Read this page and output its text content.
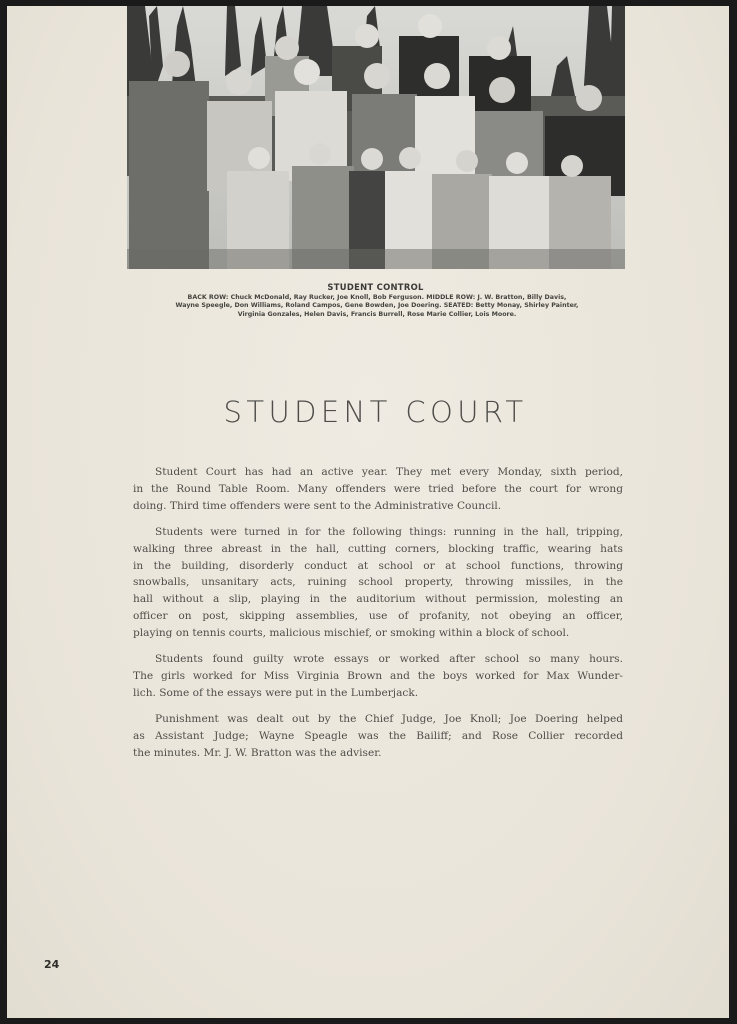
STUDENT CONTROL
BACK ROW: Chuck McDonald, Ray Rucker, Joe Knoll, Bob Ferguson. MIDDLE ROW: J. W. Bratton, Billy Davis,
Wayne Speegle, Don Williams, Roland Campos, Gene Bowden, Joe Doering. SEATED: Betty Monay, Shirley Painter,
Virginia Gonzales, Helen Davis, Francis Burrell, Rose Marie Collier, Lois Moore.
STUDENT COURT

Student Court has had an active year. They met every Monday, sixth period,
in the Round Table Room. Many offenders were tried before the court for wrong
doing. Third time offenders were sent to the Administrative Council.

Students were turned in for the following things: running in the hall, tripping,
walking three abreast in the hall, cutting corners, blocking traffic, wearing hats
in the building, disorderly conduct at school or at school functions, throwing
snowballs, unsanitary acts, ruining school property, throwing missiles, in the
hall without a slip, playing in the auditorium without permission, molesting an
officer on post, skipping assemblies, use of profanity, not obeying an officer,
playing on tennis courts, malicious mischief, or smoking within a block of school.

Students found guilty wrote essays or worked after school so many hours.
The girls worked for Miss Virginia Brown and the boys worked for Max Wunder-
lich. Some of the essays were put in the Lumberjack.

Punishment was dealt out by the Chief Judge, Joe Knoll; Joe Doering helped
as Assistant Judge; Wayne Speagle was the Bailiff; and Rose Collier recorded
the minutes. Mr. J. W. Bratton was the adviser.

24
